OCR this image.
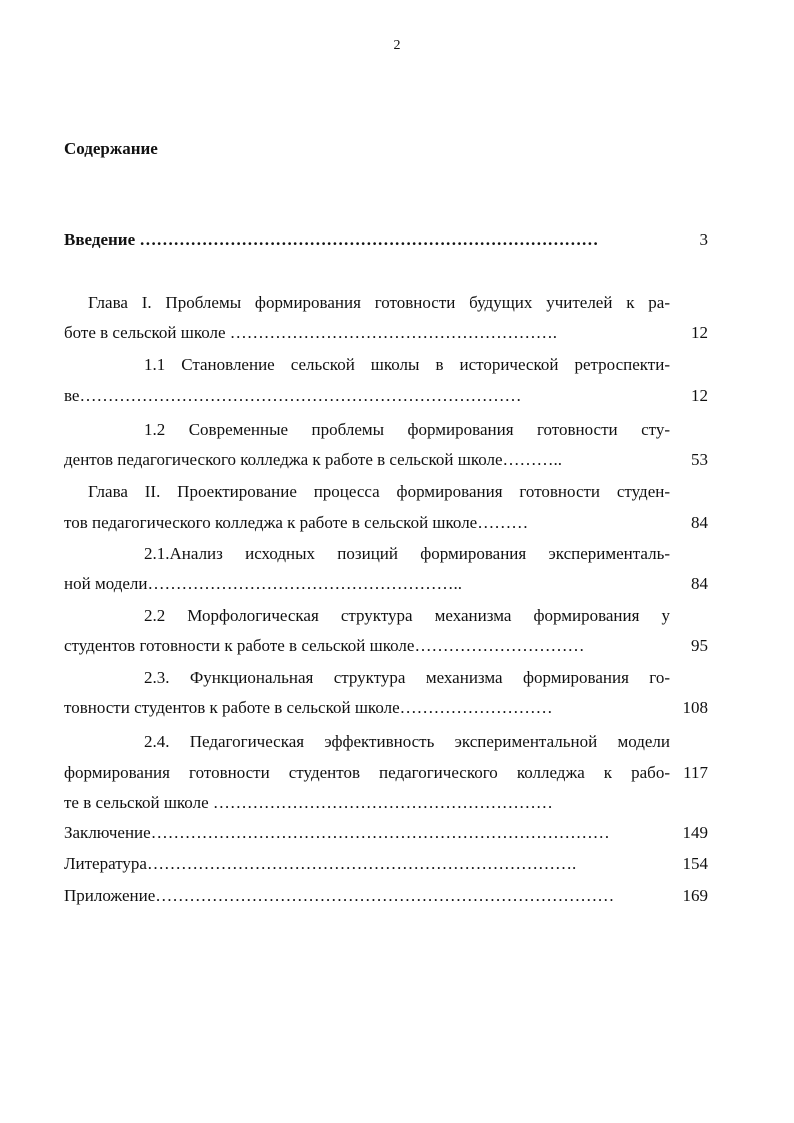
2
Содержание
Введение ………………………………………………………………………
Глава I. Проблемы формирования готовности будущих учителей к ра-
боте в сельской школе ………………………………………………….
1.1 Становление сельской школы в исторической ретроспекти-
ве……………………………………………………………………
1.2 Современные проблемы формирования готовности сту-
дентов педагогического колледжа к работе в сельской школе………..
Глава II. Проектирование процесса формирования готовности студен-
тов педагогического колледжа к работе в сельской школе………
2.1.Анализ исходных позиций формирования эксперименталь-
ной модели………………………………………………..
2.2 Морфологическая структура механизма формирования у
студентов готовности к работе в сельской школе…………………………
2.3. Функциональная структура механизма формирования го-
товности студентов к работе в сельской школе………………………
2.4. Педагогическая эффективность экспериментальной модели
формирования готовности студентов педагогического колледжа к рабо-
те в сельской школе ……………………………………………………
Заключение………………………………………………………………………
Литература………………………………………………………………….
Приложение………………………………………………………………………
3
12
12
53
84
84
95
108
117
149
154
169
